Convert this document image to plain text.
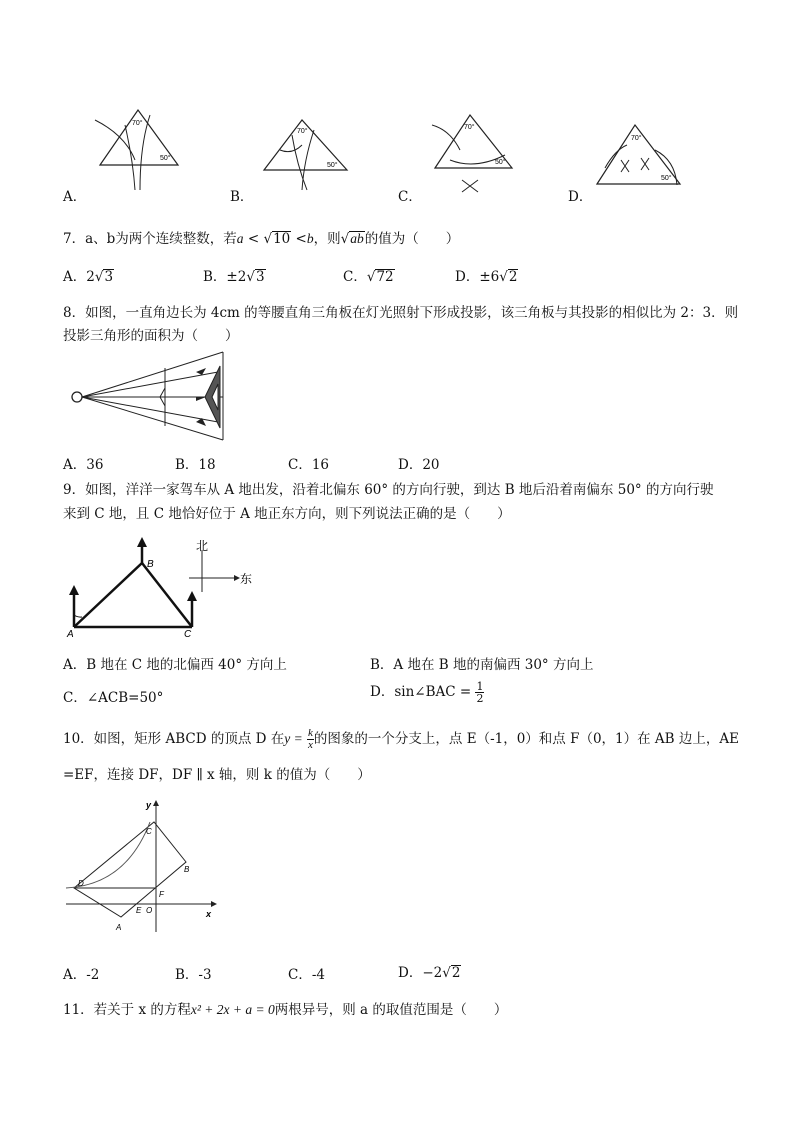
70°
50°
A．
70°
50°
B．
70°
50°
C．
70°
50°
D．
7．a、b为两个连续整数，若a < √10 <b，则√ab的值为（　　）
A．2√3	B．±2√3	C．√72	D．±6√2
8．如图，一直角边长为 4cm 的等腰直角三角板在灯光照射下形成投影，该三角板与其投影的相似比为 2：3．则
投影三角形的面积为（　　）
A．36	B．18	C．16	D．20
9．如图，洋洋一家驾车从 A 地出发，沿着北偏东 60° 的方向行驶，到达 B 地后沿着南偏东 50° 的方向行驶
来到 C 地，且 C 地恰好位于 A 地正东方向，则下列说法正确的是（　　）
A
B
C
北
东
A．B 地在 C 地的北偏西 40° 方向上	B．A 地在 B 地的南偏西 30° 方向上
C．∠ACB=50°	D．sin∠BAC = $\frac{1}{2}$
10．如图，矩形 ABCD 的顶点 D 在$y = \frac{k}{x}$ 的图象的一个分支上，点 E（-1，0）和点 F（0，1）在 AB 边上，AE
=EF，连接 DF，DF ∥ x 轴，则 k 的值为（　　）
y
x
C
B
D
F
E O
A
A．-2	B．-3	C．-4	D．−2√2
11．若关于 x 的方程x² + 2x + a = 0两根异号，则 a 的取值范围是（　　）
